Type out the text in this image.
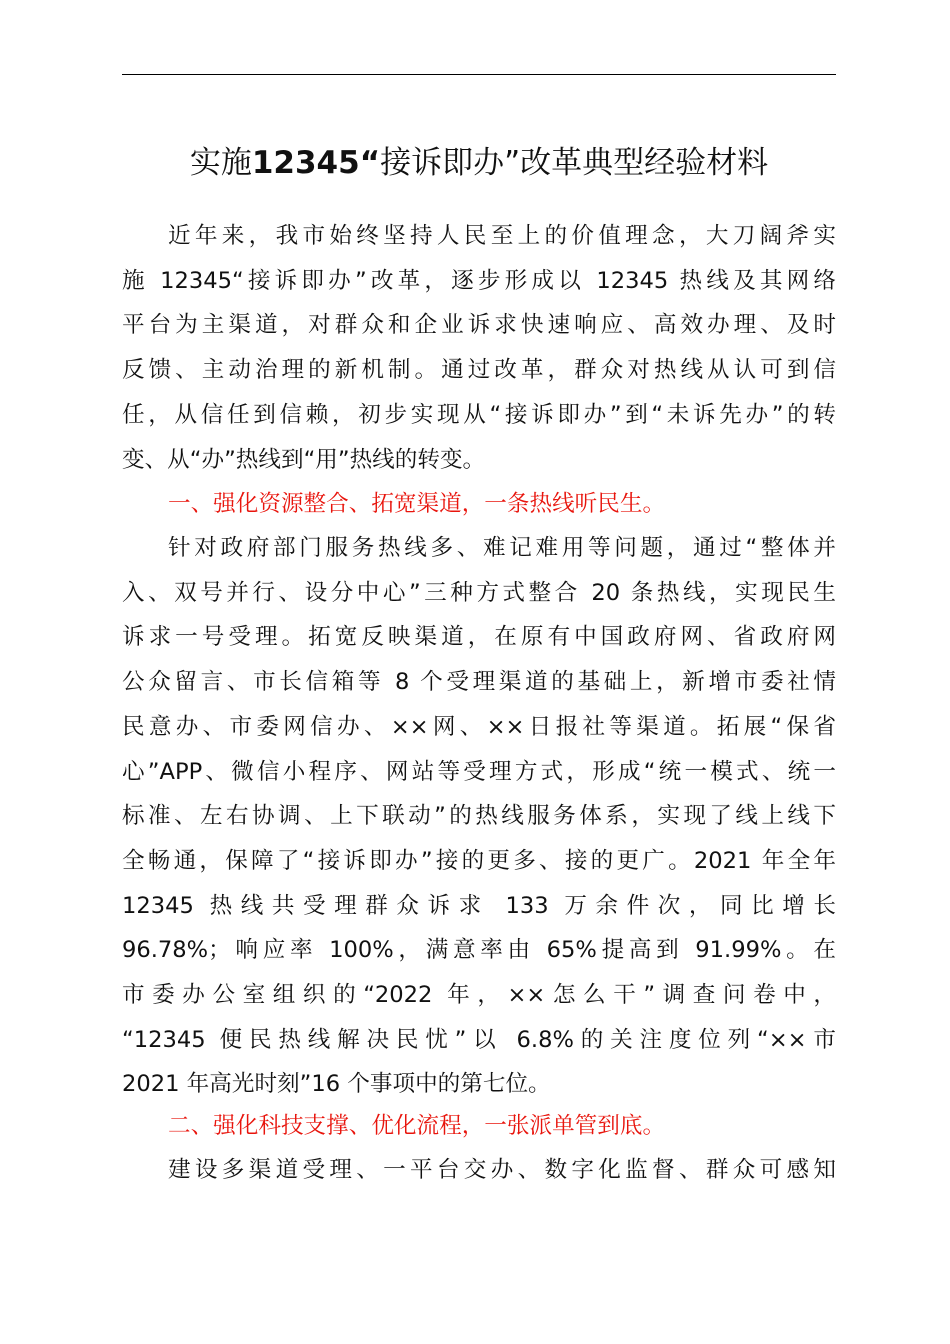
实施12345“接诉即办”改革典型经验材料

近年来，我市始终坚持人民至上的价值理念，大刀阔斧实
施 12345“接诉即办”改革，逐步形成以 12345 热线及其网络
平台为主渠道，对群众和企业诉求快速响应、高效办理、及时
反馈、主动治理的新机制。通过改革，群众对热线从认可到信
任，从信任到信赖，初步实现从“接诉即办”到“未诉先办”的转
变、从“办”热线到“用”热线的转变。

一、强化资源整合、拓宽渠道，一条热线听民生。

针对政府部门服务热线多、难记难用等问题，通过“整体并
入、双号并行、设分中心”三种方式整合 20 条热线，实现民生
诉求一号受理。拓宽反映渠道，在原有中国政府网、省政府网
公众留言、市长信箱等 8 个受理渠道的基础上，新增市委社情
民意办、市委网信办、××网、××日报社等渠道。拓展“保省
心”APP、微信小程序、网站等受理方式，形成“统一模式、统一
标准、左右协调、上下联动”的热线服务体系，实现了线上线下
全畅通，保障了“接诉即办”接的更多、接的更广。2021 年全年
12345 热线共受理群众诉求 133 万余件次，同比增长
96.78%；响应率 100%，满意率由 65%提高到 91.99%。在
市委办公室组织的“2022 年，××怎么干”调查问卷中，
“12345 便民热线解决民忧”以 6.8%的关注度位列“××市
2021 年高光时刻”16 个事项中的第七位。

二、强化科技支撑、优化流程，一张派单管到底。

建设多渠道受理、一平台交办、数字化监督、群众可感知
